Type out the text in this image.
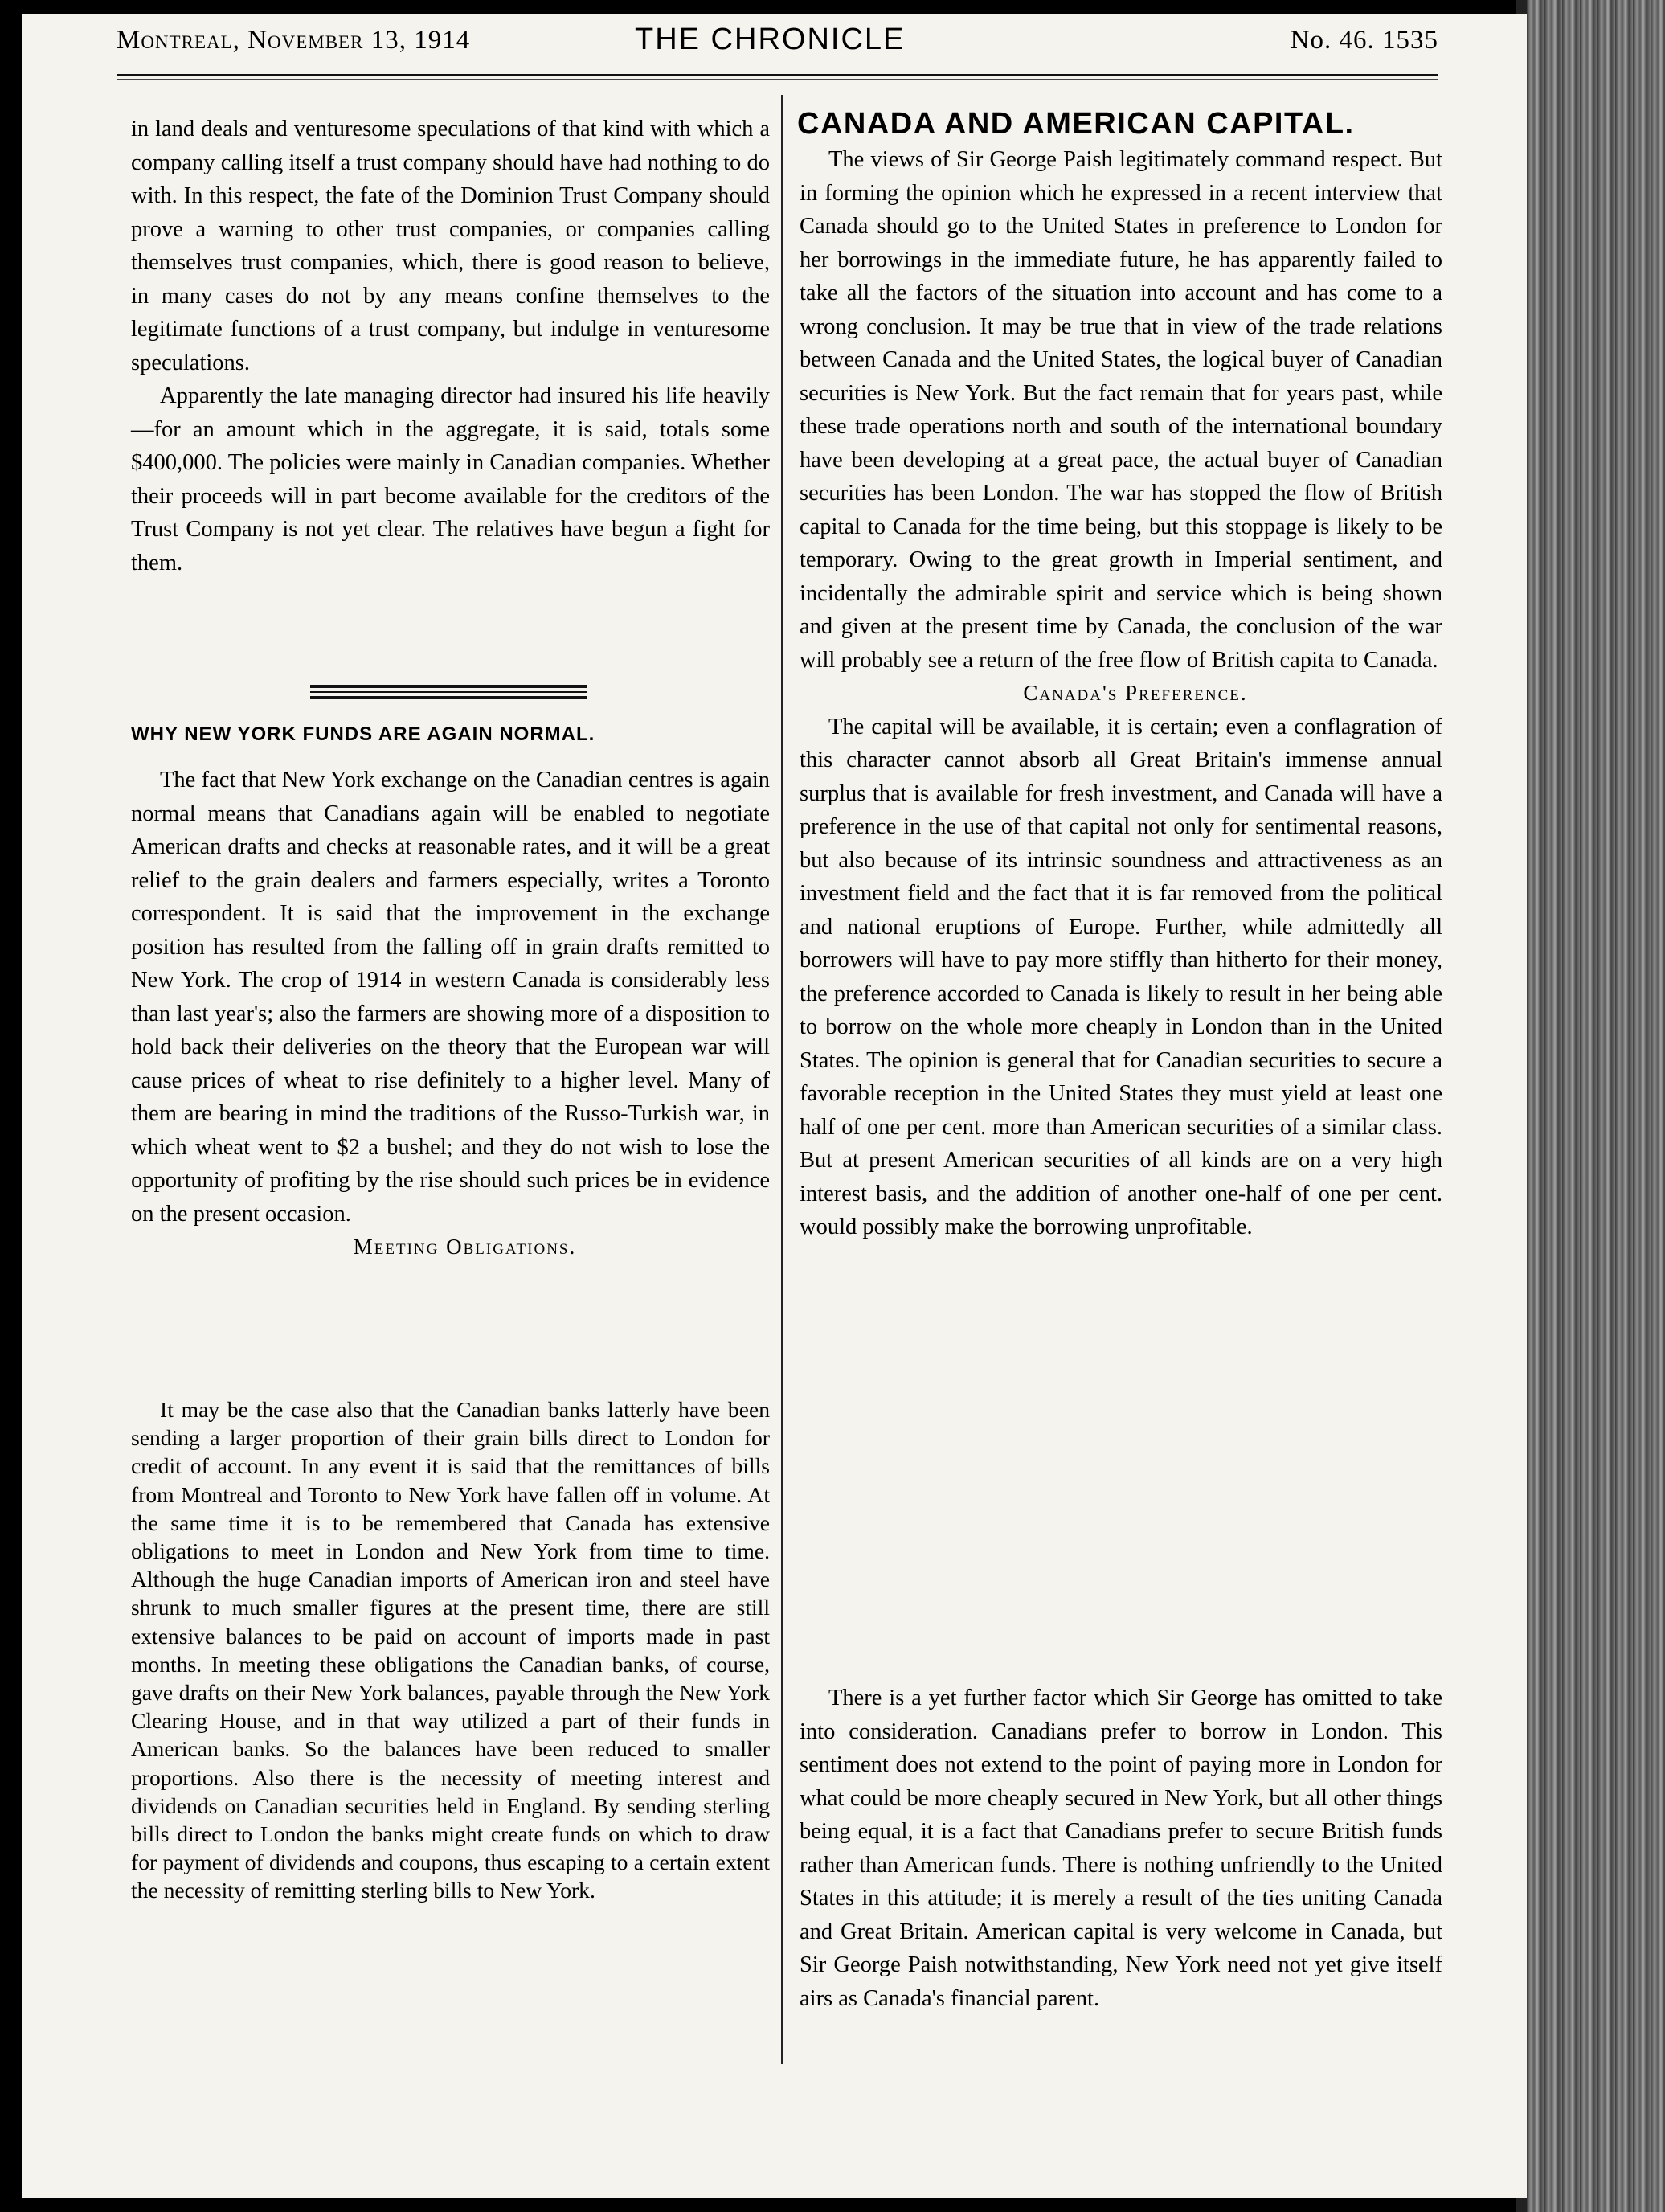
Montreal, November 13, 1914	THE CHRONICLE	No. 46. 1535

in land deals and venturesome speculations of that kind with which a company calling itself a trust company should have had nothing to do with. In this respect, the fate of the Dominion Trust Company should prove a warning to other trust companies, or companies calling themselves trust companies, which, there is good reason to believe, in many cases do not by any means confine themselves to the legitimate functions of a trust company, but indulge in venturesome speculations.

Apparently the late managing director had insured his life heavily—for an amount which in the aggregate, it is said, totals some $400,000. The policies were mainly in Canadian companies. Whether their proceeds will in part become available for the creditors of the Trust Company is not yet clear. The relatives have begun a fight for them.

WHY NEW YORK FUNDS ARE AGAIN NORMAL.

The fact that New York exchange on the Canadian centres is again normal means that Canadians again will be enabled to negotiate American drafts and checks at reasonable rates, and it will be a great relief to the grain dealers and farmers especially, writes a Toronto correspondent. It is said that the improvement in the exchange position has resulted from the falling off in grain drafts remitted to New York. The crop of 1914 in western Canada is considerably less than last year's; also the farmers are showing more of a disposition to hold back their deliveries on the theory that the European war will cause prices of wheat to rise definitely to a higher level. Many of them are bearing in mind the traditions of the Russo-Turkish war, in which wheat went to $2 a bushel; and they do not wish to lose the opportunity of profiting by the rise should such prices be in evidence on the present occasion.

Meeting Obligations.

It may be the case also that the Canadian banks latterly have been sending a larger proportion of their grain bills direct to London for credit of account. In any event it is said that the remittances of bills from Montreal and Toronto to New York have fallen off in volume. At the same time it is to be remembered that Canada has extensive obligations to meet in London and New York from time to time. Although the huge Canadian imports of American iron and steel have shrunk to much smaller figures at the present time, there are still extensive balances to be paid on account of imports made in past months. In meeting these obligations the Canadian banks, of course, gave drafts on their New York balances, payable through the New York Clearing House, and in that way utilized a part of their funds in American banks. So the balances have been reduced to smaller proportions. Also there is the necessity of meeting interest and dividends on Canadian securities held in England. By sending sterling bills direct to London the banks might create funds on which to draw for payment of dividends and coupons, thus escaping to a certain extent the necessity of remitting sterling bills to New York.

CANADA AND AMERICAN CAPITAL.

The views of Sir George Paish legitimately command respect. But in forming the opinion which he expressed in a recent interview that Canada should go to the United States in preference to London for her borrowings in the immediate future, he has apparently failed to take all the factors of the situation into account and has come to a wrong conclusion. It may be true that in view of the trade relations between Canada and the United States, the logical buyer of Canadian securities is New York. But the fact remain that for years past, while these trade operations north and south of the international boundary have been developing at a great pace, the actual buyer of Canadian securities has been London. The war has stopped the flow of British capital to Canada for the time being, but this stoppage is likely to be temporary. Owing to the great growth in Imperial sentiment, and incidentally the admirable spirit and service which is being shown and given at the present time by Canada, the conclusion of the war will probably see a return of the free flow of British capita to Canada.

Canada's Preference.

The capital will be available, it is certain; even a conflagration of this character cannot absorb all Great Britain's immense annual surplus that is available for fresh investment, and Canada will have a preference in the use of that capital not only for sentimental reasons, but also because of its intrinsic soundness and attractiveness as an investment field and the fact that it is far removed from the political and national eruptions of Europe. Further, while admittedly all borrowers will have to pay more stiffly than hitherto for their money, the preference accorded to Canada is likely to result in her being able to borrow on the whole more cheaply in London than in the United States. The opinion is general that for Canadian securities to secure a favorable reception in the United States they must yield at least one half of one per cent. more than American securities of a similar class. But at present American securities of all kinds are on a very high interest basis, and the addition of another one-half of one per cent. would possibly make the borrowing unprofitable.

There is a yet further factor which Sir George has omitted to take into consideration. Canadians prefer to borrow in London. This sentiment does not extend to the point of paying more in London for what could be more cheaply secured in New York, but all other things being equal, it is a fact that Canadians prefer to secure British funds rather than American funds. There is nothing unfriendly to the United States in this attitude; it is merely a result of the ties uniting Canada and Great Britain. American capital is very welcome in Canada, but Sir George Paish notwithstanding, New York need not yet give itself airs as Canada's financial parent.
